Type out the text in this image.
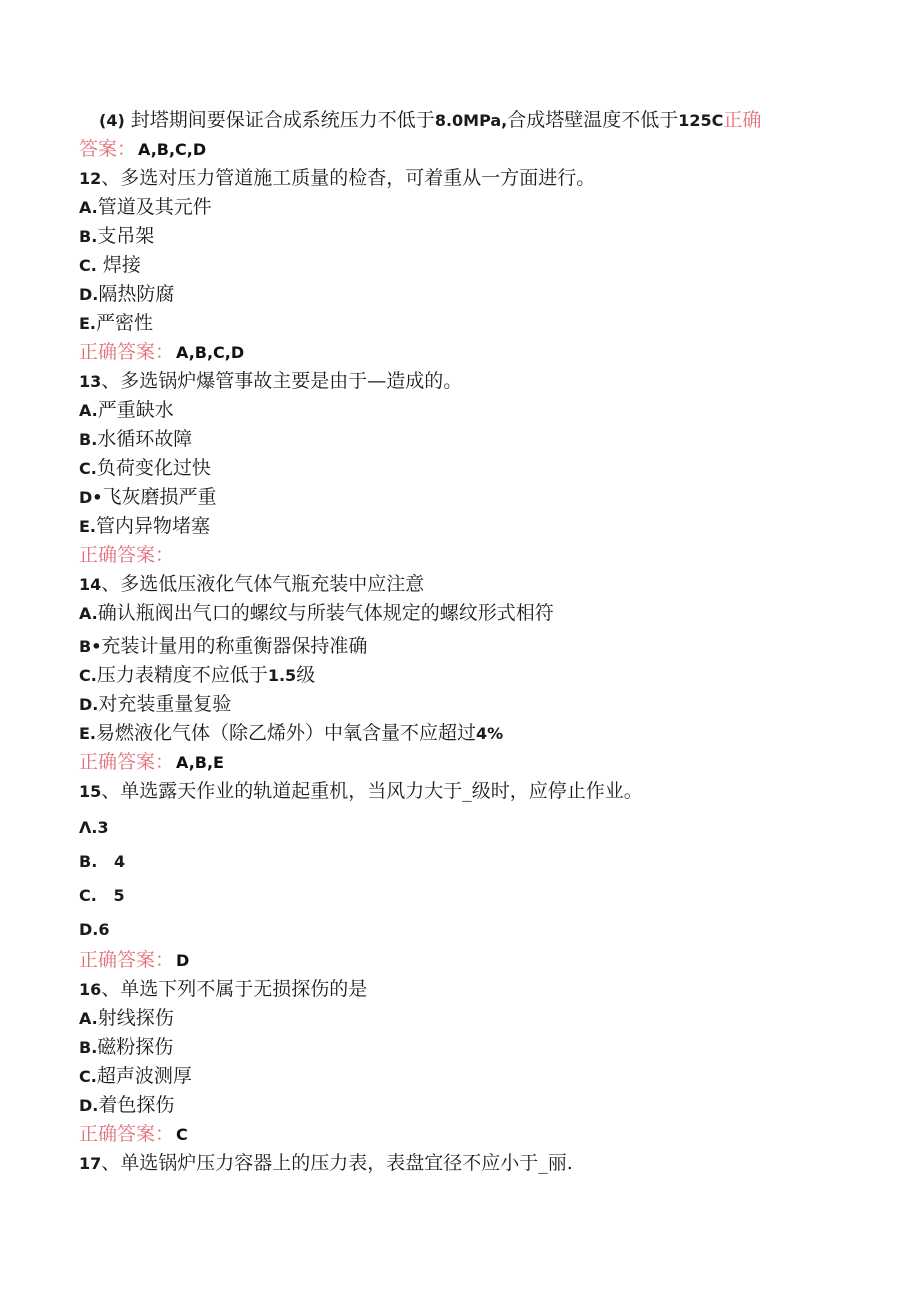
(4) 封塔期间要保证合成系统压力不低于8.0MPa,合成塔壁温度不低于125C正确
答案： A,B,C,D
12、多选对压力管道施工质量的检杳，可着重从一方面进行。
A.管道及其元件
B.支吊架
C. 焊接
D.隔热防腐
E.严密性
正确答案： A,B,C,D
13、多选锅炉爆管事故主要是由于—造成的。
A.严重缺水
B.水循环故障
C.负荷变化过快
D•飞灰磨损严重
E.管内异物堵塞
正确答案：
14、多选低压液化气体气瓶充装中应注意
A.确认瓶阀出气口的螺纹与所装气体规定的螺纹形式相符
B•充装计量用的称重衡器保持准确
C.压力表精度不应低于1.5级
D.对充装重量复验
E.易燃液化气体（除乙烯外）中氧含量不应超过4%
正确答案： A,B,E
15、单选露天作业的轨道起重机，当风力大于_级时，应停止作业。
Λ.3
B.   4
C.   5
D.6
正确答案： D
16、单选下列不属于无损探伤的是
A.射线探伤
B.磁粉探伤
C.超声波测厚
D.着色探伤
正确答案： C
17、单选锅炉压力容器上的压力表，表盘宜径不应小于_丽.
